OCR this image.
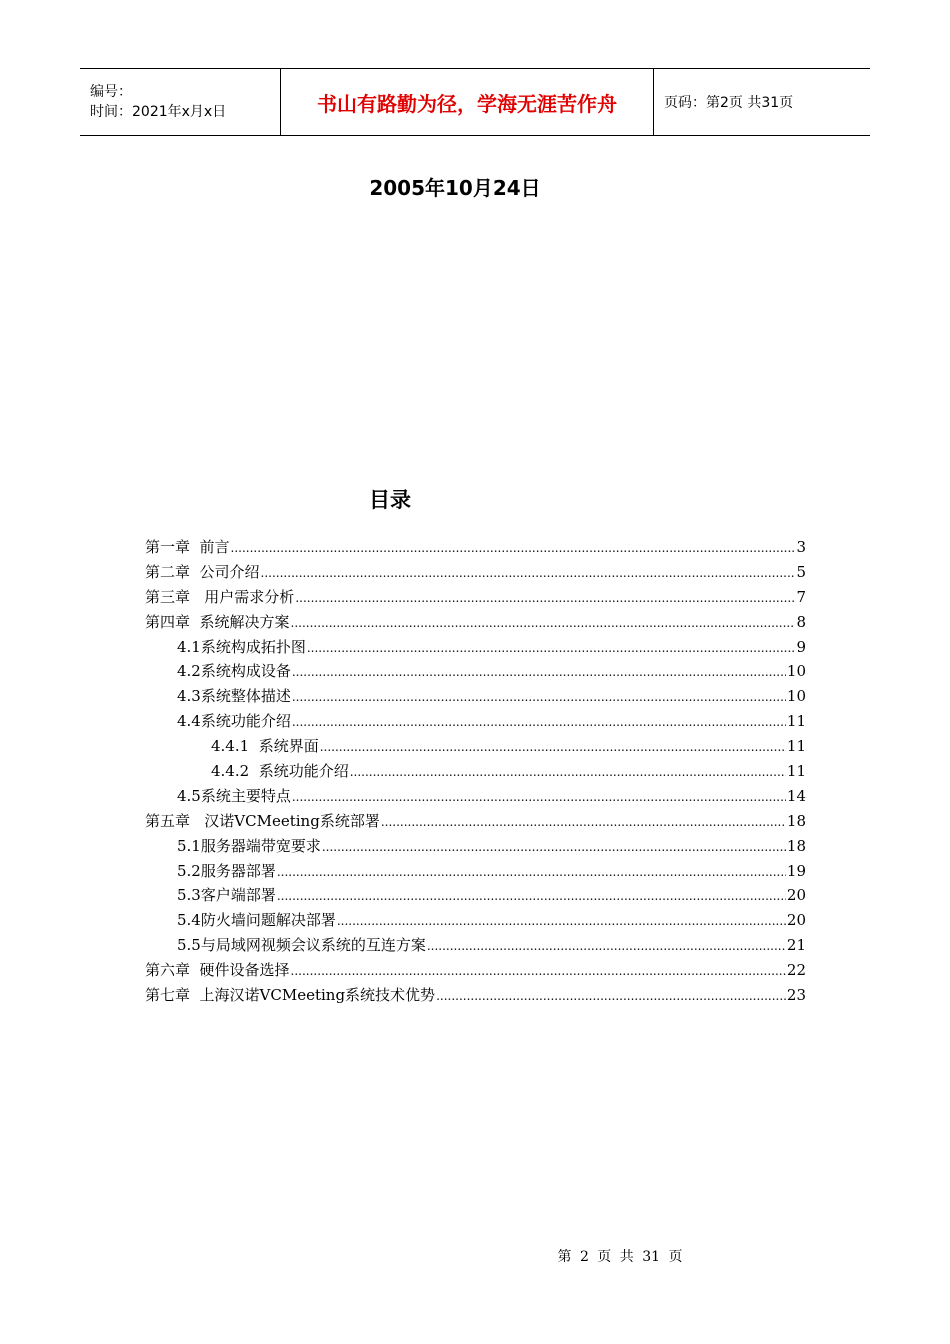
编号：
时间：2021年x月x日	书山有路勤为径，学海无涯苦作舟	页码：第2页 共31页
2005年10月24日
目录
第一章  前言 .....	3
第二章  公司介绍 .....	5
第三章   用户需求分析 .....	7
第四章  系统解决方案 .....	8
4.1系统构成拓扑图 .....	9
4.2系统构成设备 .....	10
4.3系统整体描述 .....	10
4.4系统功能介绍 .....	11
4.4.1  系统界面 .....	11
4.4.2  系统功能介绍 .....	11
4.5系统主要特点 .....	14
第五章   汉诺VCMeeting系统部署 .....	18
5.1服务器端带宽要求 .....	18
5.2服务器部署 .....	19
5.3客户端部署 .....	20
5.4防火墙问题解决部署 .....	20
5.5与局域网视频会议系统的互连方案 .....	21
第六章  硬件设备选择 .....	22
第七章  上海汉诺VCMeeting系统技术优势 .....	23
第 2 页 共 31 页
